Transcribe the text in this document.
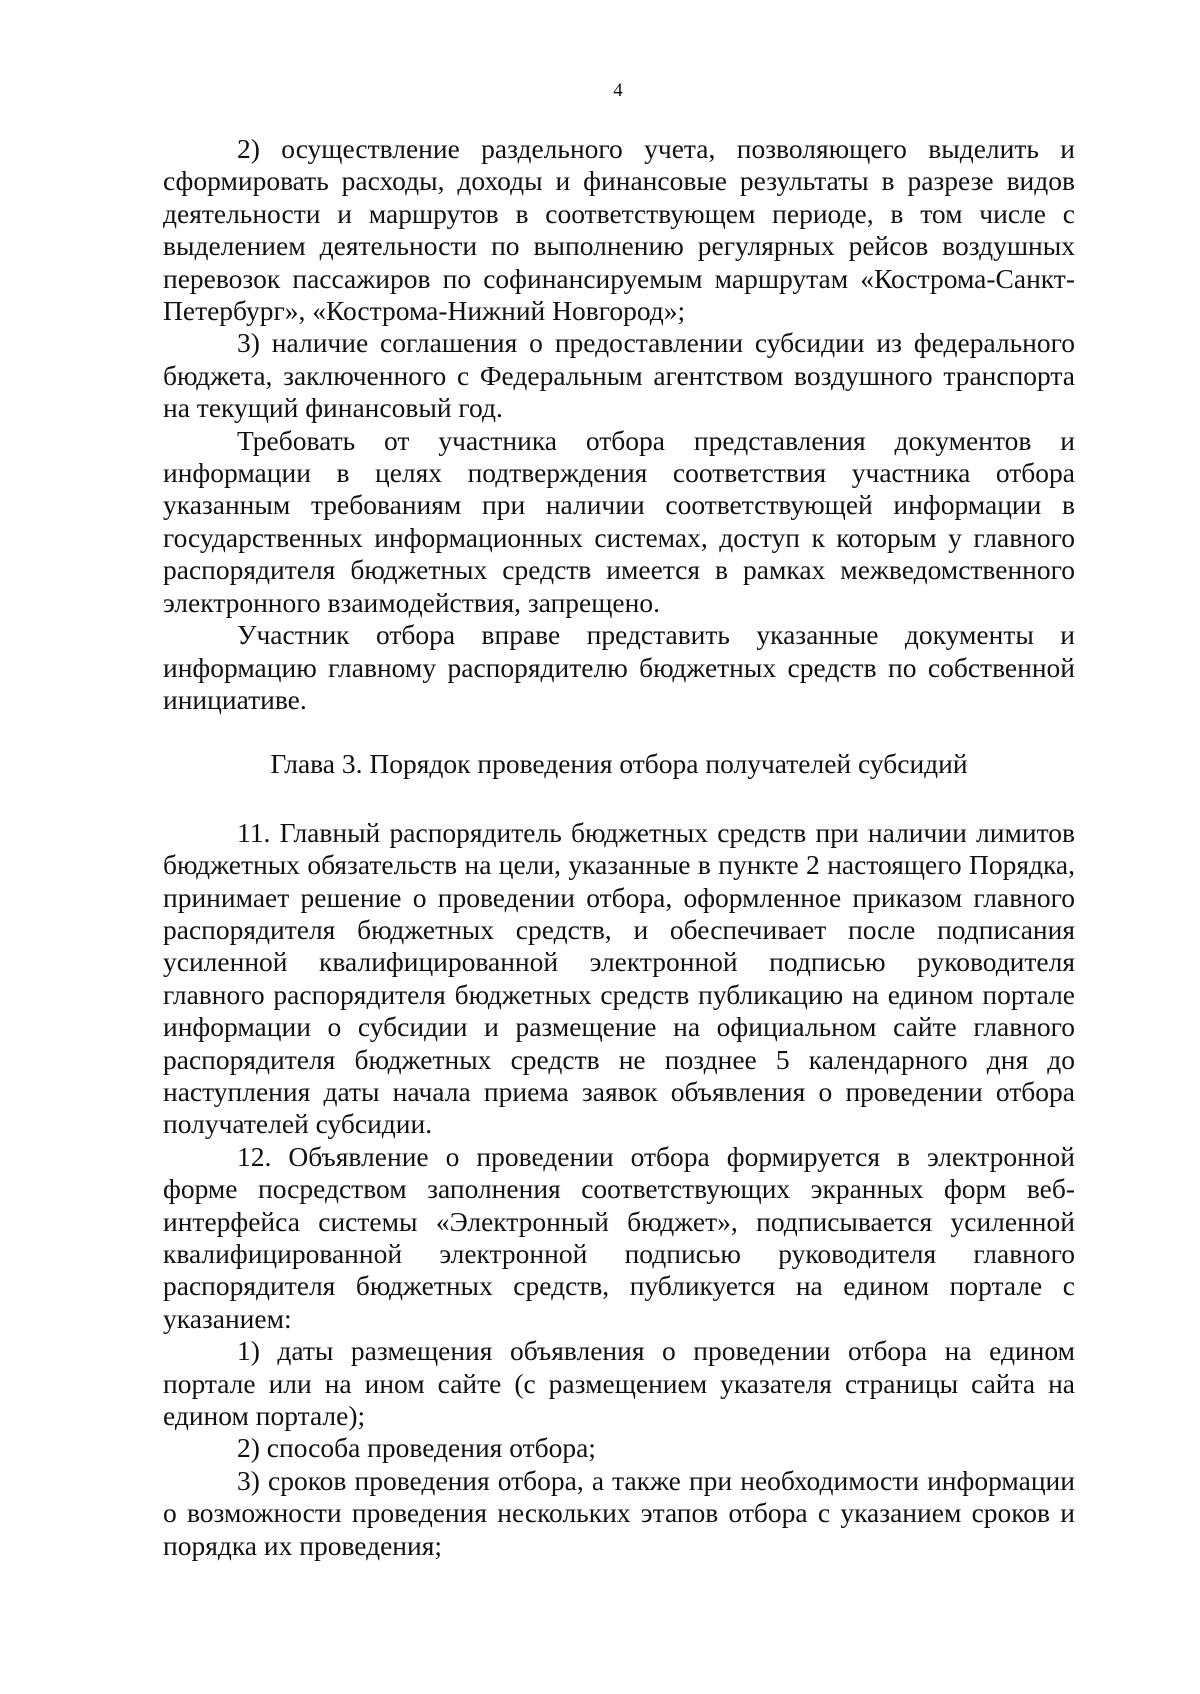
4

2) осуществление раздельного учета, позволяющего выделить и сформировать расходы, доходы и финансовые результаты в разрезе видов деятельности и маршрутов в соответствующем периоде, в том числе с выделением деятельности по выполнению регулярных рейсов воздушных перевозок пассажиров по софинансируемым маршрутам «Кострома-Санкт-Петербург», «Кострома-Нижний Новгород»;

3) наличие соглашения о предоставлении субсидии из федерального бюджета, заключенного с Федеральным агентством воздушного транспорта на текущий финансовый год.

Требовать от участника отбора представления документов и информации в целях подтверждения соответствия участника отбора указанным требованиям при наличии соответствующей информации в государственных информационных системах, доступ к которым у главного распорядителя бюджетных средств имеется в рамках межведомственного электронного взаимодействия, запрещено.

Участник отбора вправе представить указанные документы и информацию главному распорядителю бюджетных средств по собственной инициативе.

Глава 3. Порядок проведения отбора получателей субсидий

11. Главный распорядитель бюджетных средств при наличии лимитов бюджетных обязательств на цели, указанные в пункте 2 настоящего Порядка, принимает решение о проведении отбора, оформленное приказом главного распорядителя бюджетных средств, и обеспечивает после подписания усиленной квалифицированной электронной подписью руководителя главного распорядителя бюджетных средств публикацию на едином портале информации о субсидии и размещение на официальном сайте главного распорядителя бюджетных средств не позднее 5 календарного дня до наступления даты начала приема заявок объявления о проведении отбора получателей субсидии.

12. Объявление о проведении отбора формируется в электронной форме посредством заполнения соответствующих экранных форм веб-интерфейса системы «Электронный бюджет», подписывается усиленной квалифицированной электронной подписью руководителя главного распорядителя бюджетных средств, публикуется на едином портале с указанием:

1) даты размещения объявления о проведении отбора на едином портале или на ином сайте (с размещением указателя страницы сайта на едином портале);

2) способа проведения отбора;

3) сроков проведения отбора, а также при необходимости информации о возможности проведения нескольких этапов отбора с указанием сроков и порядка их проведения;
